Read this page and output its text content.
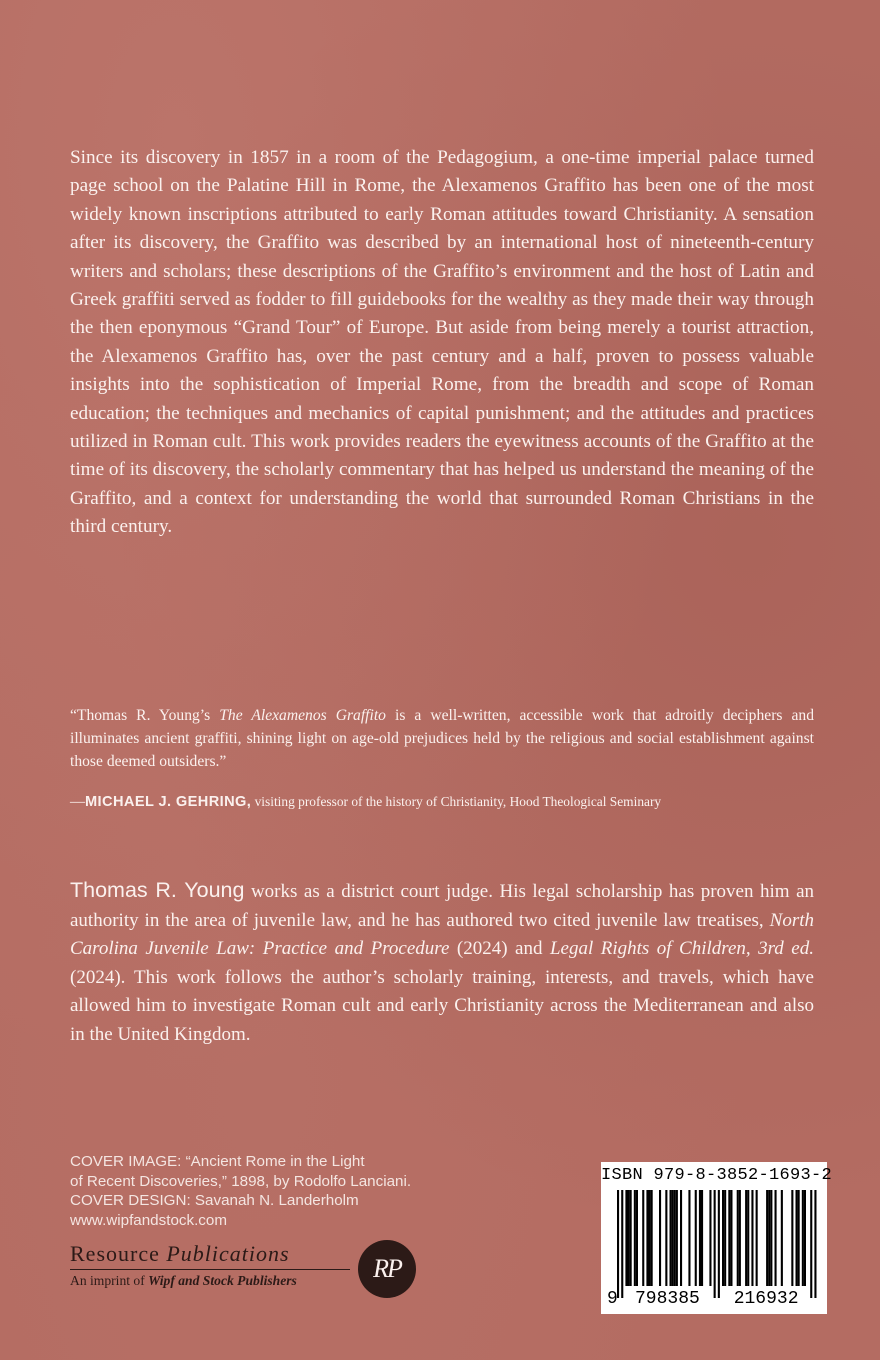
Since its discovery in 1857 in a room of the Pedagogium, a one-time imperial palace turned page school on the Palatine Hill in Rome, the Alexamenos Graffito has been one of the most widely known inscriptions attributed to early Roman attitudes toward Christianity. A sensation after its discovery, the Graffito was described by an international host of nineteenth-century writers and scholars; these descriptions of the Graffito’s environment and the host of Latin and Greek graffiti served as fodder to fill guidebooks for the wealthy as they made their way through the then eponymous “Grand Tour” of Europe. But aside from being merely a tourist attraction, the Alexamenos Graffito has, over the past century and a half, proven to possess valuable insights into the sophistication of Imperial Rome, from the breadth and scope of Roman education; the techniques and mechanics of capital punishment; and the attitudes and practices utilized in Roman cult. This work provides readers the eyewitness accounts of the Graffito at the time of its discovery, the scholarly commentary that has helped us understand the meaning of the Graffito, and a context for understanding the world that surrounded Roman Christians in the third century.

“Thomas R. Young’s The Alexamenos Graffito is a well-written, accessible work that adroitly deciphers and illuminates ancient graffiti, shining light on age-old prejudices held by the religious and social establishment against those deemed outsiders.”

—MICHAEL J. GEHRING, visiting professor of the history of Christianity, Hood Theological Seminary

Thomas R. Young works as a district court judge. His legal scholarship has proven him an authority in the area of juvenile law, and he has authored two cited juvenile law treatises, North Carolina Juvenile Law: Practice and Procedure (2024) and Legal Rights of Children, 3rd ed. (2024). This work follows the author’s scholarly training, interests, and travels, which have allowed him to investigate Roman cult and early Christianity across the Mediterranean and also in the United Kingdom.

COVER IMAGE: “Ancient Rome in the Light
of Recent Discoveries,” 1898, by Rodolfo Lanciani.
COVER DESIGN: Savanah N. Landerholm
www.wipfandstock.com
Resource Publications
An imprint of Wipf and Stock Publishers	RP
ISBN 979-8-3852-1693-2
9 798385 216932
